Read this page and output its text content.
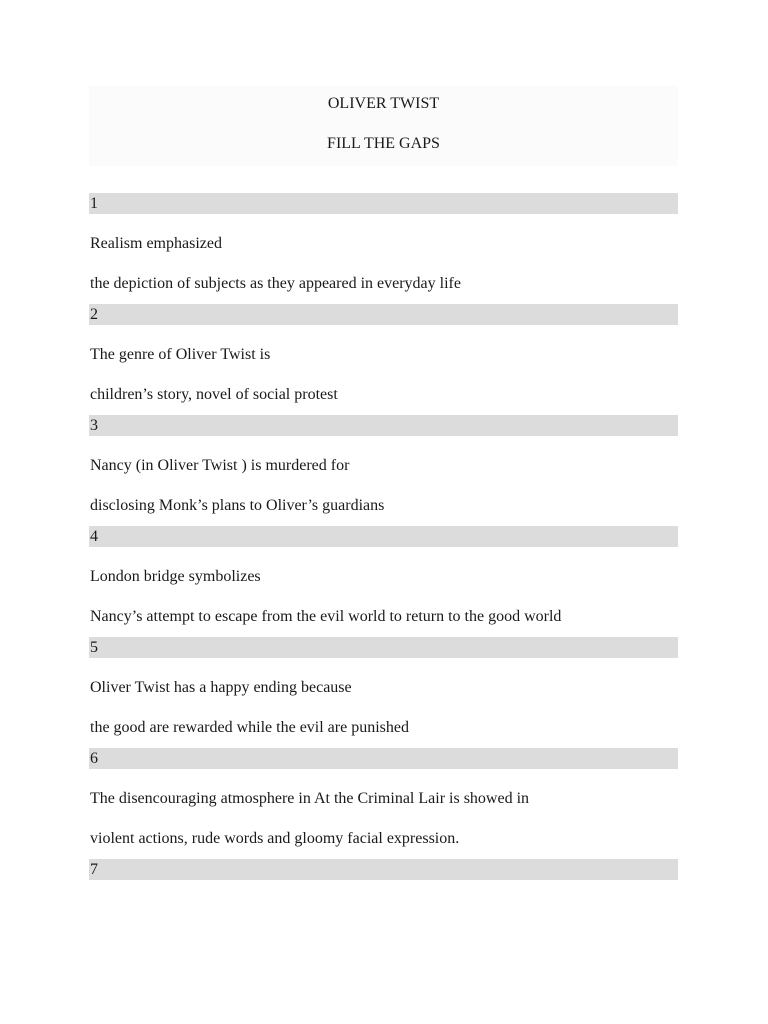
OLIVER TWIST
FILL THE GAPS
1
Realism emphasized
the depiction of subjects as they appeared in everyday life
2
The genre of Oliver Twist is
children’s story, novel of social protest
3
Nancy (in Oliver Twist ) is murdered for
disclosing Monk’s plans to Oliver’s guardians
4
London bridge symbolizes
Nancy’s attempt to escape from the evil world to return to the good world
5
Oliver Twist has a happy ending because
the good are rewarded while the evil are punished
6
The disencouraging atmosphere in At the Criminal Lair is showed in
violent actions, rude words and gloomy facial expression.
7
